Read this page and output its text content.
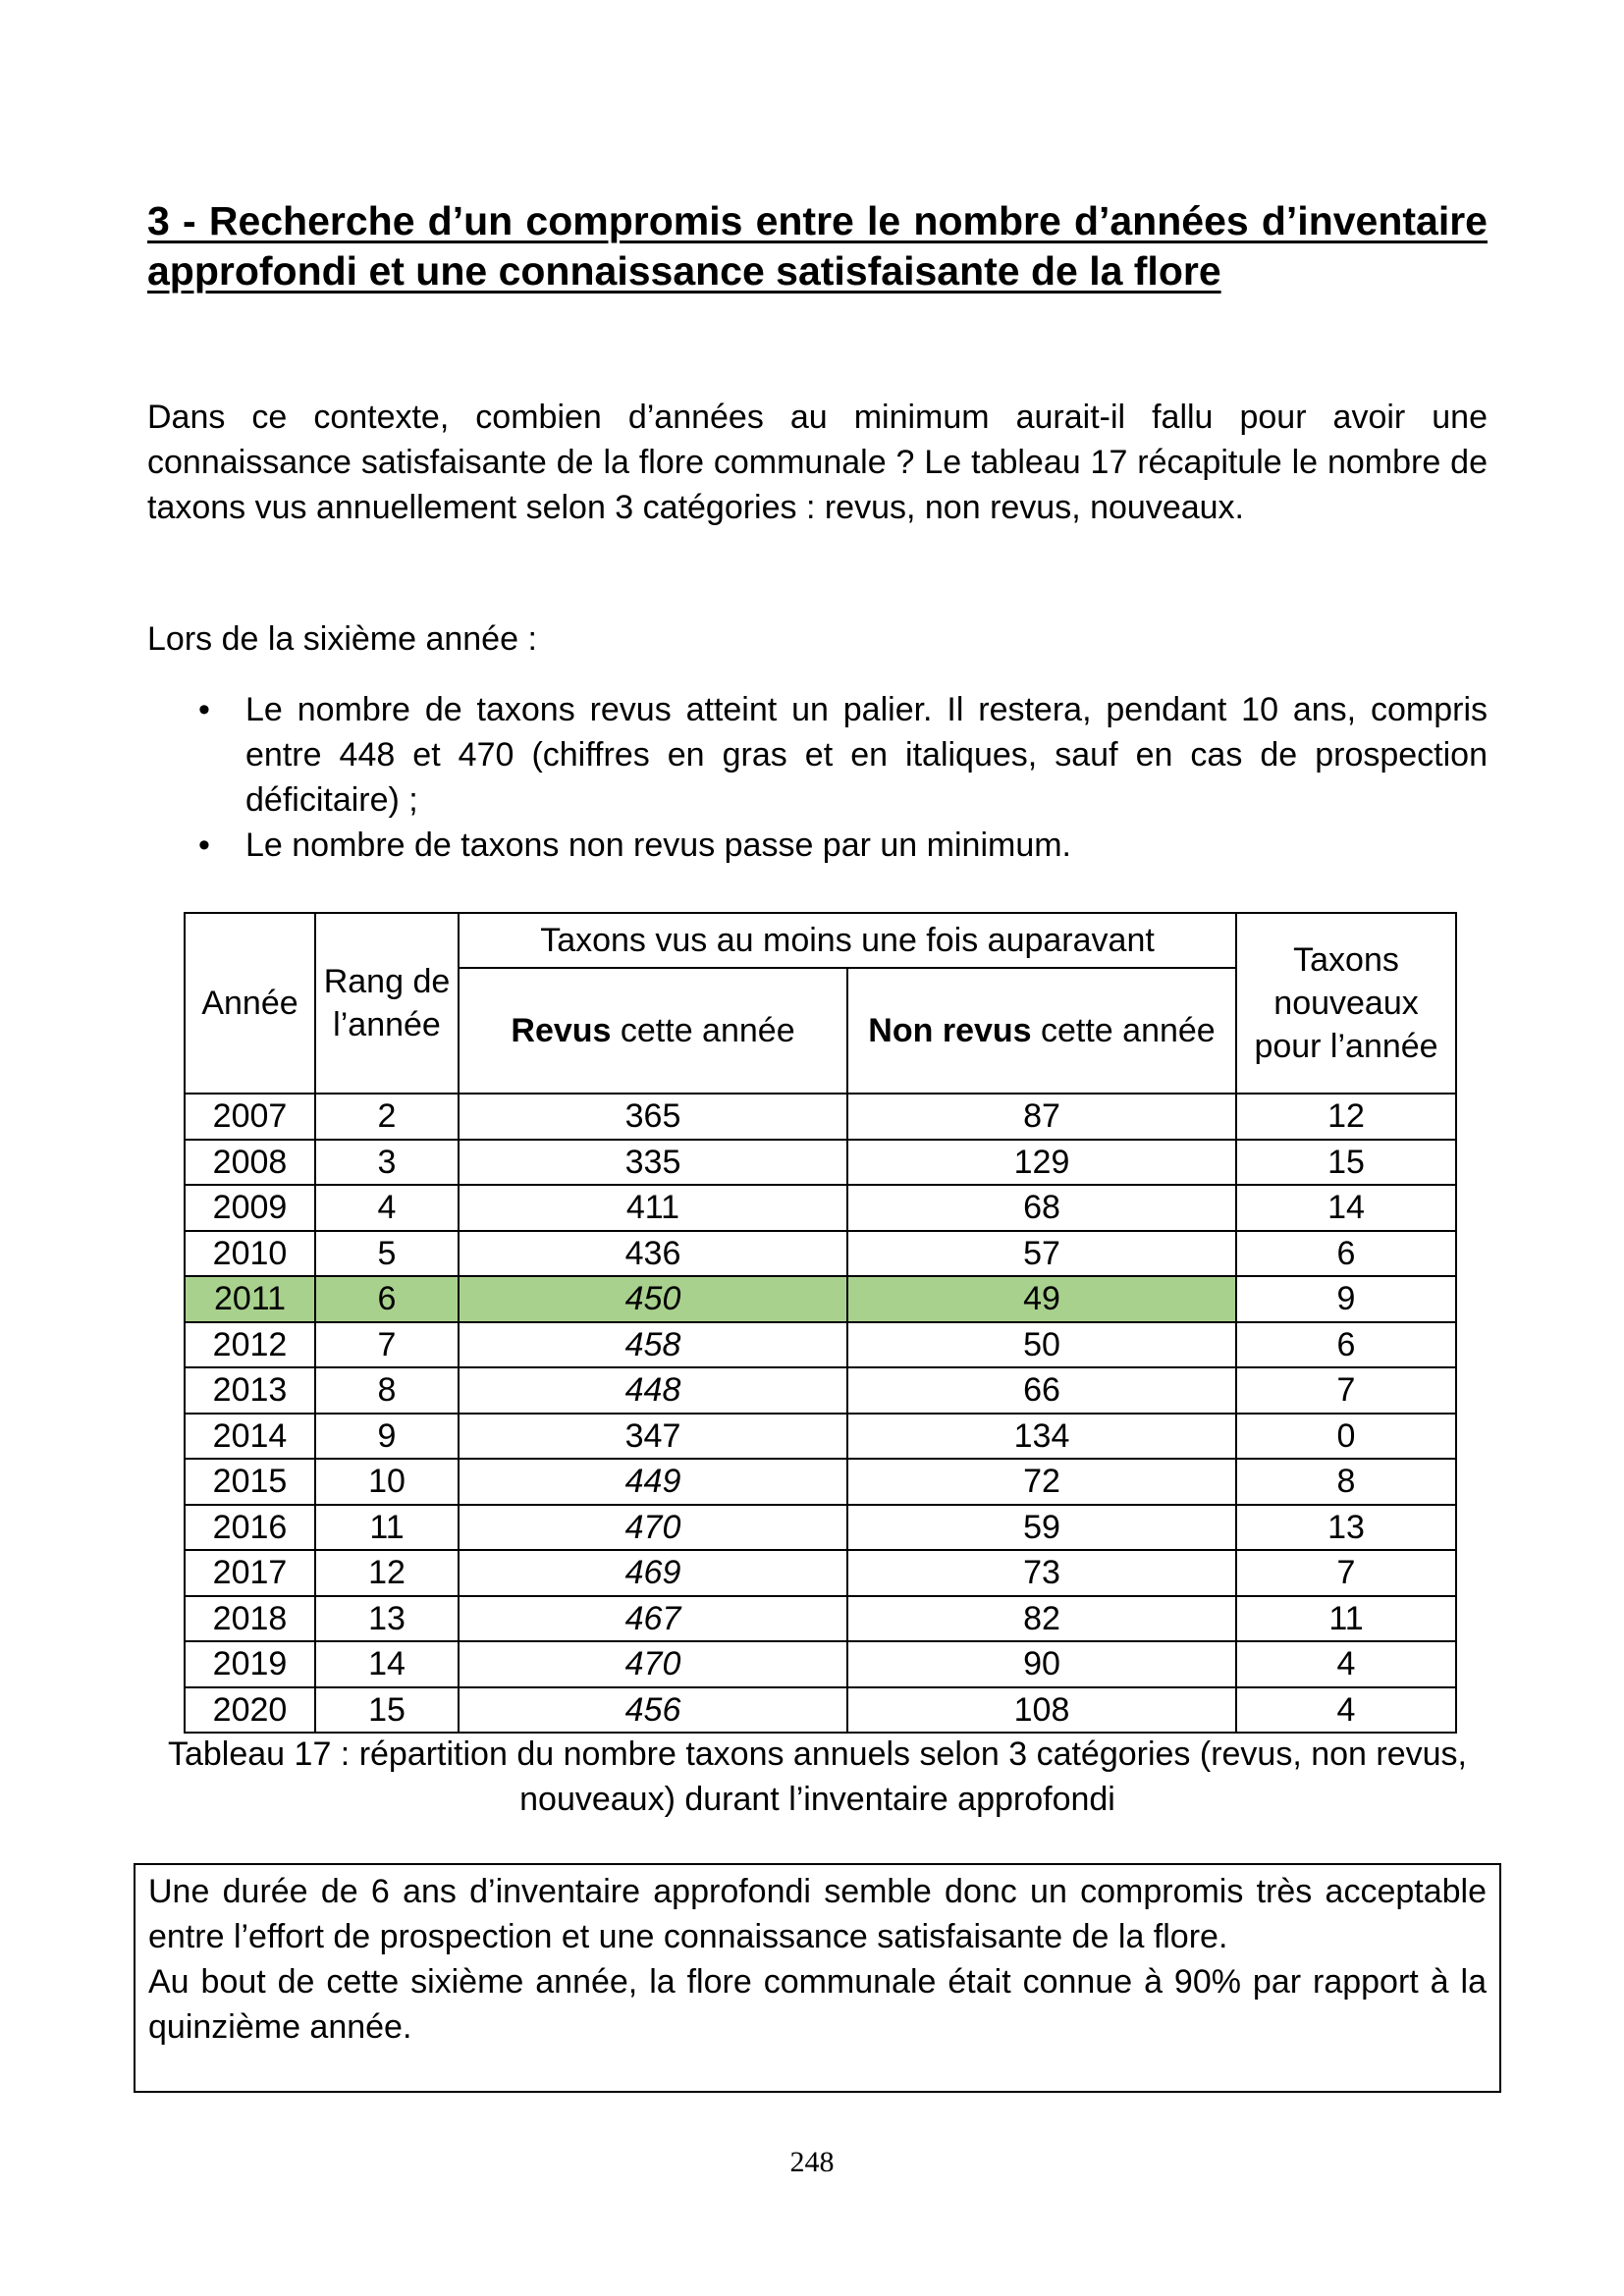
3 - Recherche d’un compromis entre le nombre d’années d’inventaire approfondi et une connaissance satisfaisante de la flore

Dans ce contexte, combien d’années au minimum aurait-il fallu pour avoir une connaissance satisfaisante de la flore communale ? Le tableau 17 récapitule le nombre de taxons vus annuellement selon 3 catégories : revus, non revus, nouveaux.

Lors de la sixième année :

• Le nombre de taxons revus atteint un palier. Il restera, pendant 10 ans, compris entre 448 et 470 (chiffres en gras et en italiques, sauf en cas de prospection déficitaire) ;
• Le nombre de taxons non revus passe par un minimum.
Année	Rang de l’année	Taxons vus au moins une fois auparavant		Taxons nouveaux pour l’année
		Revus cette année	Non revus cette année	
2007	2	365	87	12
2008	3	335	129	15
2009	4	411	68	14
2010	5	436	57	6
2011	6	450	49	9
2012	7	458	50	6
2013	8	448	66	7
2014	9	347	134	0
2015	10	449	72	8
2016	11	470	59	13
2017	12	469	73	7
2018	13	467	82	11
2019	14	470	90	4
2020	15	456	108	4

Tableau 17 : répartition du nombre taxons annuels selon 3 catégories (revus, non revus, nouveaux) durant l’inventaire approfondi

Une durée de 6 ans d’inventaire approfondi semble donc un compromis très acceptable entre l’effort de prospection et une connaissance satisfaisante de la flore.

Au bout de cette sixième année, la flore communale était connue à 90% par rapport à la quinzième année.

248
